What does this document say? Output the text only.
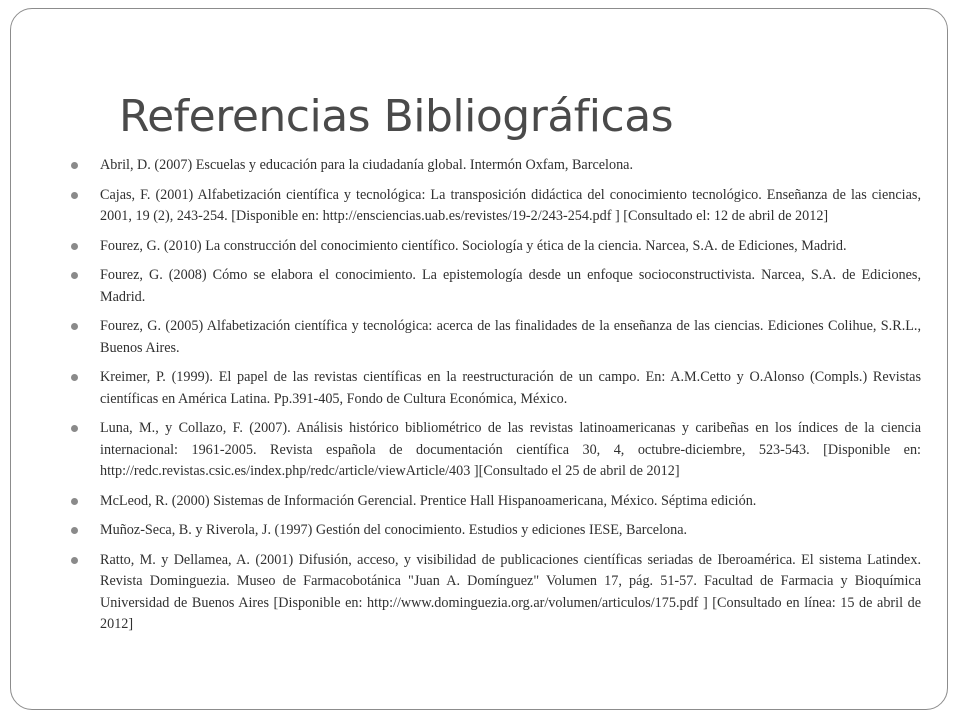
Referencias Bibliográficas
Abril, D. (2007) Escuelas y educación para la ciudadanía global. Intermón Oxfam, Barcelona.
Cajas, F. (2001) Alfabetización científica y tecnológica: La transposición didáctica del conocimiento tecnológico. Enseñanza de las ciencias, 2001, 19 (2), 243-254. [Disponible en: http://ensciencias.uab.es/revistes/19-2/243-254.pdf ] [Consultado el: 12 de abril de 2012]
Fourez, G. (2010) La construcción del conocimiento científico. Sociología y ética de la ciencia. Narcea, S.A. de Ediciones, Madrid.
Fourez, G. (2008) Cómo se elabora el conocimiento. La epistemología desde un enfoque socioconstructivista. Narcea, S.A. de Ediciones, Madrid.
Fourez, G. (2005) Alfabetización científica y tecnológica: acerca de las finalidades de la enseñanza de las ciencias. Ediciones Colihue, S.R.L., Buenos Aires.
Kreimer, P. (1999). El papel de las revistas científicas en la reestructuración de un campo. En: A.M.Cetto y O.Alonso (Compls.) Revistas científicas en América Latina. Pp.391-405, Fondo de Cultura Económica, México.
Luna, M., y Collazo, F. (2007). Análisis histórico bibliométrico de las revistas latinoamericanas y caribeñas en los índices de la ciencia internacional: 1961-2005. Revista española de documentación científica 30, 4, octubre-diciembre, 523-543. [Disponible en: http://redc.revistas.csic.es/index.php/redc/article/viewArticle/403 ][Consultado el 25 de abril de 2012]
McLeod, R. (2000) Sistemas de Información Gerencial. Prentice Hall Hispanoamericana, México. Séptima edición.
Muñoz-Seca, B. y Riverola, J. (1997) Gestión del conocimiento. Estudios y ediciones IESE, Barcelona.
Ratto, M. y Dellamea, A. (2001) Difusión, acceso, y visibilidad de publicaciones científicas seriadas de Iberoamérica. El sistema Latindex. Revista Dominguezia. Museo de Farmacobotánica "Juan A. Domínguez" Volumen 17, pág. 51-57. Facultad de Farmacia y Bioquímica Universidad de Buenos Aires [Disponible en: http://www.dominguezia.org.ar/volumen/articulos/175.pdf ] [Consultado en línea: 15 de abril de 2012]
